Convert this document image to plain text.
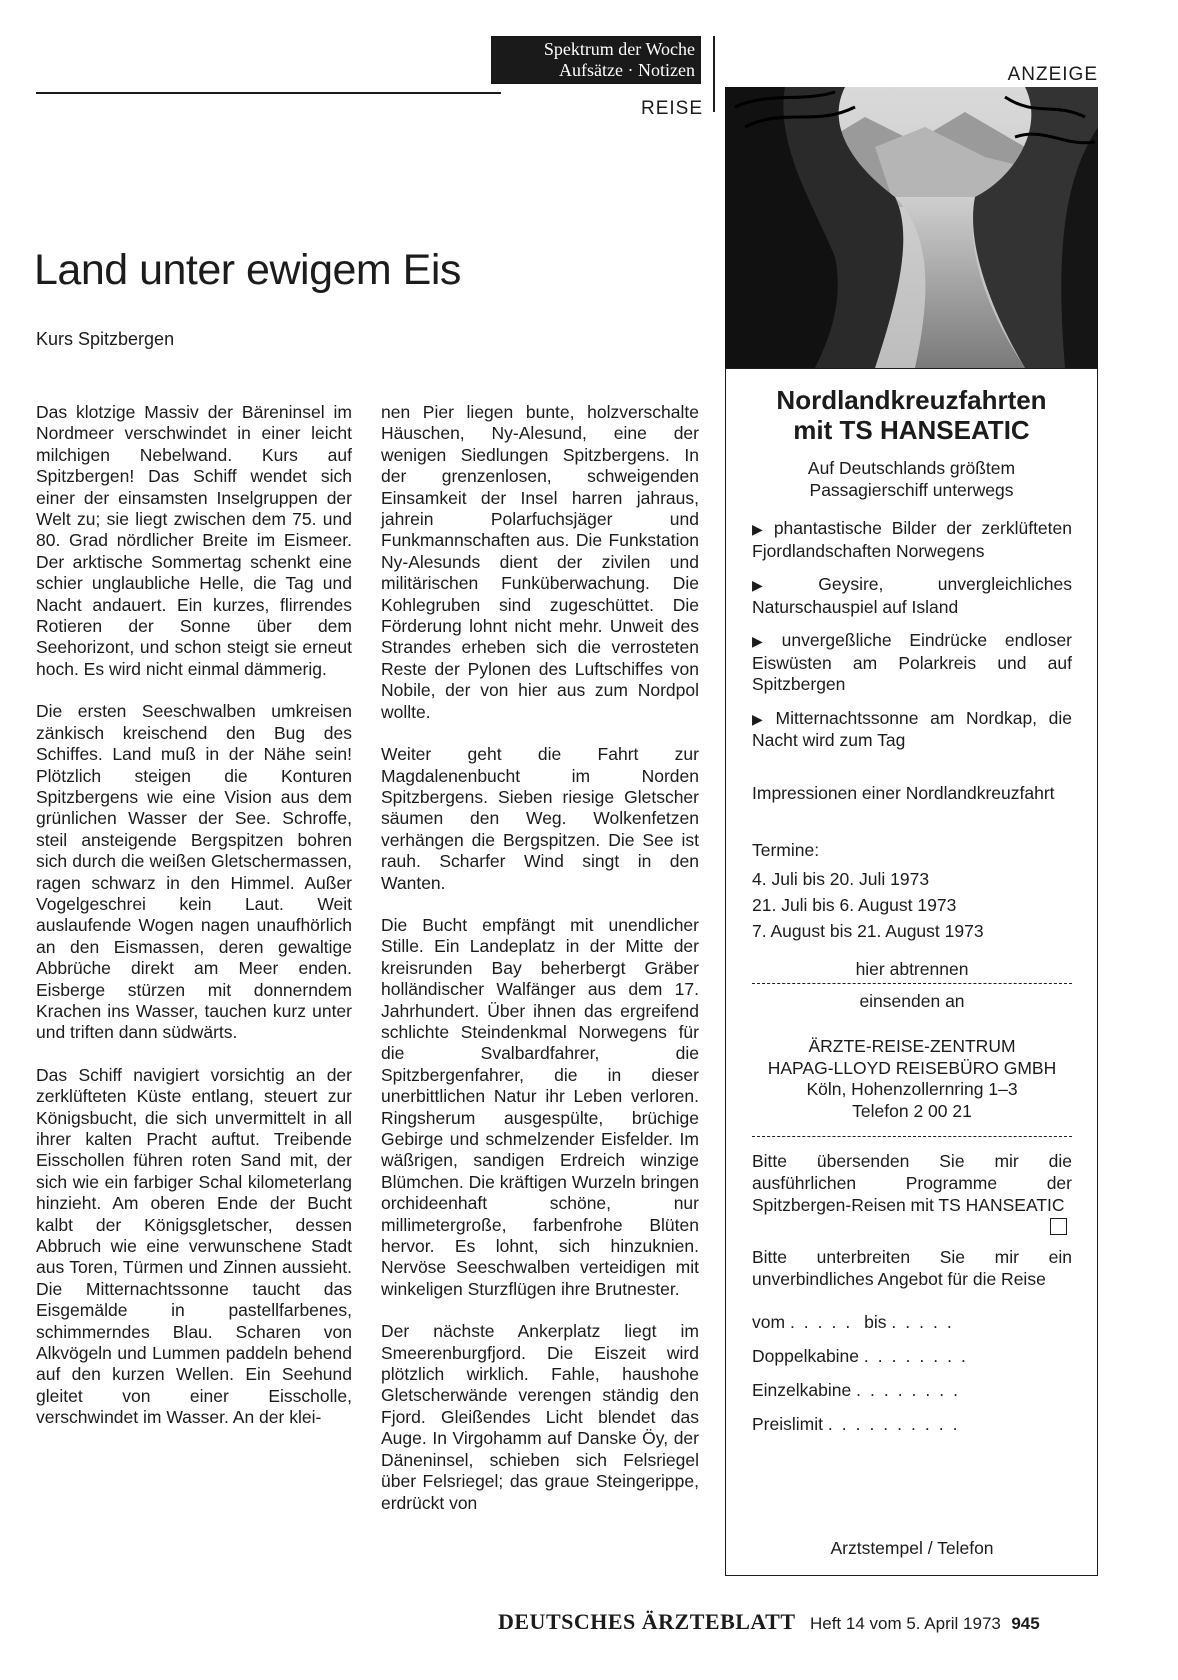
Spektrum der Woche
Aufsätze · Notizen
REISE
ANZEIGE
Land unter ewigem Eis
Kurs Spitzbergen

Das klotzige Massiv der Bäreninsel im Nordmeer verschwindet in einer leicht milchigen Nebelwand. Kurs auf Spitzbergen! Das Schiff wendet sich einer der einsamsten Inselgruppen der Welt zu; sie liegt zwischen dem 75. und 80. Grad nördlicher Breite im Eismeer. Der arktische Sommertag schenkt eine schier unglaubliche Helle, die Tag und Nacht andauert. Ein kurzes, flirrendes Rotieren der Sonne über dem Seehorizont, und schon steigt sie erneut hoch. Es wird nicht einmal dämmerig.

Die ersten Seeschwalben umkreisen zänkisch kreischend den Bug des Schiffes. Land muß in der Nähe sein! Plötzlich steigen die Konturen Spitzbergens wie eine Vision aus dem grünlichen Wasser der See. Schroffe, steil ansteigende Bergspitzen bohren sich durch die weißen Gletschermassen, ragen schwarz in den Himmel. Außer Vogelgeschrei kein Laut. Weit auslaufende Wogen nagen unaufhörlich an den Eismassen, deren gewaltige Abbrüche direkt am Meer enden. Eisberge stürzen mit donnerndem Krachen ins Wasser, tauchen kurz unter und triften dann südwärts.

Das Schiff navigiert vorsichtig an der zerklüfteten Küste entlang, steuert zur Königsbucht, die sich unvermittelt in all ihrer kalten Pracht auftut. Treibende Eisschollen führen roten Sand mit, der sich wie ein farbiger Schal kilometerlang hinzieht. Am oberen Ende der Bucht kalbt der Königsgletscher, dessen Abbruch wie eine verwunschene Stadt aus Toren, Türmen und Zinnen aussieht. Die Mitternachtssonne taucht das Eisgemälde in pastellfarbenes, schimmerndes Blau. Scharen von Alkvögeln und Lummen paddeln behend auf den kurzen Wellen. Ein Seehund gleitet von einer Eisscholle, verschwindet im Wasser. An der klei-

nen Pier liegen bunte, holzverschalte Häuschen, Ny-Alesund, eine der wenigen Siedlungen Spitzbergens. In der grenzenlosen, schweigenden Einsamkeit der Insel harren jahraus, jahrein Polarfuchsjäger und Funkmannschaften aus. Die Funkstation Ny-Alesunds dient der zivilen und militärischen Funküberwachung. Die Kohlegruben sind zugeschüttet. Die Förderung lohnt nicht mehr. Unweit des Strandes erheben sich die verrosteten Reste der Pylonen des Luftschiffes von Nobile, der von hier aus zum Nordpol wollte.

Weiter geht die Fahrt zur Magdalenenbucht im Norden Spitzbergens. Sieben riesige Gletscher säumen den Weg. Wolkenfetzen verhängen die Bergspitzen. Die See ist rauh. Scharfer Wind singt in den Wanten.

Die Bucht empfängt mit unendlicher Stille. Ein Landeplatz in der Mitte der kreisrunden Bay beherbergt Gräber holländischer Walfänger aus dem 17. Jahrhundert. Über ihnen das ergreifend schlichte Steindenkmal Norwegens für die Svalbardfahrer, die Spitzbergenfahrer, die in dieser unerbittlichen Natur ihr Leben verloren. Ringsherum ausgespülte, brüchige Gebirge und schmelzender Eisfelder. Im wäßrigen, sandigen Erdreich winzige Blümchen. Die kräftigen Wurzeln bringen orchideenhaft schöne, nur millimetergroße, farbenfrohe Blüten hervor. Es lohnt, sich hinzuknien. Nervöse Seeschwalben verteidigen mit winkeligen Sturzflügen ihre Brutnester.

Der nächste Ankerplatz liegt im Smeerenburgfjord. Die Eiszeit wird plötzlich wirklich. Fahle, haushohe Gletscherwände verengen ständig den Fjord. Gleißendes Licht blendet das Auge. In Virgohamm auf Danske Öy, der Däneninsel, schieben sich Felsriegel über Felsriegel; das graue Steingerippe, erdrückt von

Nordlandkreuzfahrten
mit TS HANSEATIC
Auf Deutschlands größtem
Passagierschiff unterwegs
▶ phantastische Bilder der zerklüfteten Fjordlandschaften Norwegens
▶ Geysire, unvergleichliches Naturschauspiel auf Island
▶ unvergeßliche Eindrücke endloser Eiswüsten am Polarkreis und auf Spitzbergen
▶ Mitternachtssonne am Nordkap, die Nacht wird zum Tag
Impressionen einer Nordlandkreuzfahrt
Termine:
4. Juli bis 20. Juli 1973
21. Juli bis 6. August 1973
7. August bis 21. August 1973
hier abtrennen
einsenden an
ÄRZTE-REISE-ZENTRUM
HAPAG-LLOYD REISEBÜRO GMBH
Köln, Hohenzollernring 1–3
Telefon 2 00 21
Bitte übersenden Sie mir die ausführlichen Programme der Spitzbergen-Reisen mit TS HANSEATIC
Bitte unterbreiten Sie mir ein unverbindliches Angebot für die Reise
vom ..... bis .....
Doppelkabine ........
Einzelkabine ........
Preislimit ..........
Arztstempel / Telefon
DEUTSCHES ÄRZTEBLATT Heft 14 vom 5. April 1973 945
